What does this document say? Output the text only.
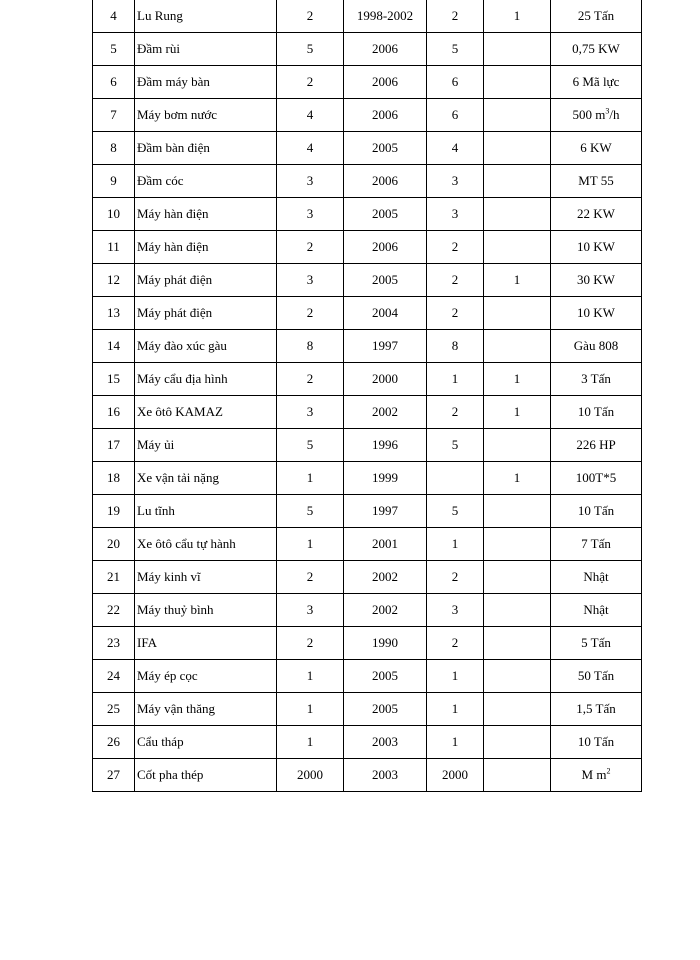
4	Lu Rung	2	1998-2002	2	1	25 Tấn
5	Đầm rùi	5	2006	5		0,75 KW
6	Đầm máy bàn	2	2006	6		6 Mã lực
7	Máy bơm nước	4	2006	6		500 $m^3/h$
8	Đầm bàn điện	4	2005	4		6 KW
9	Đầm cóc	3	2006	3		MT 55
10	Máy hàn điện	3	2005	3		22 KW
11	Máy hàn điện	2	2006	2		10 KW
12	Máy phát điện	3	2005	2	1	30 KW
13	Máy phát điện	2	2004	2		10 KW
14	Máy đào xúc gàu	8	1997	8		Gàu 808
15	Máy cẩu địa hình	2	2000	1	1	3 Tấn
16	Xe ôtô KAMAZ	3	2002	2	1	10 Tấn
17	Máy ủi	5	1996	5		226 HP
18	Xe vận tải nặng	1	1999		1	100T*5
19	Lu tĩnh	5	1997	5		10 Tấn
20	Xe ôtô cẩu tự hành	1	2001	1		7 Tấn
21	Máy kinh vĩ	2	2002	2		Nhật
22	Máy thuỷ bình	3	2002	3		Nhật
23	IFA	2	1990	2		5 Tấn
24	Máy ép cọc	1	2005	1		50 Tấn
25	Máy vận thăng	1	2005	1		1,5 Tấn
26	Cẩu tháp	1	2003	1		10 Tấn
27	Cốt pha thép	2000	2003	2000		M $m^2$
